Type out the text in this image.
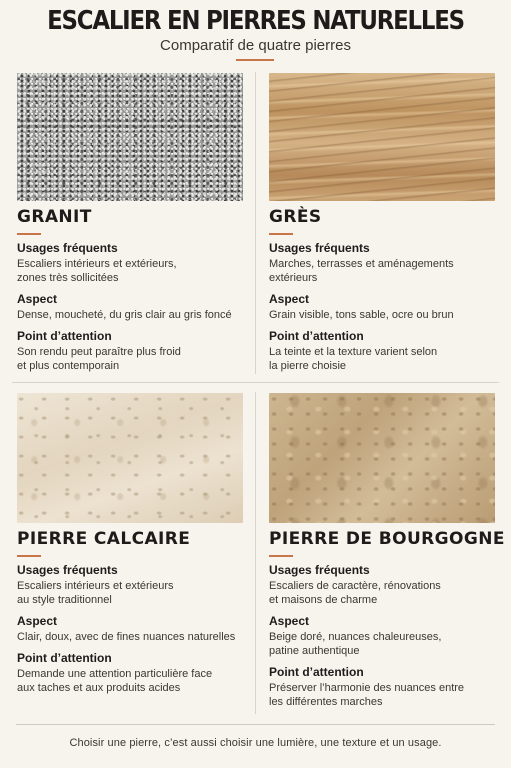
ESCALIER EN PIERRES NATURELLES
Comparatif de quatre pierres
GRANIT
Usages fréquents
Escaliers intérieurs et extérieurs,
zones très sollicitées
Aspect
Dense, moucheté, du gris clair au gris foncé
Point d’attention
Son rendu peut paraître plus froid
et plus contemporain
GRÈS
Usages fréquents
Marches, terrasses et aménagements
extérieurs
Aspect
Grain visible, tons sable, ocre ou brun
Point d’attention
La teinte et la texture varient selon
la pierre choisie
PIERRE CALCAIRE
Usages fréquents
Escaliers intérieurs et extérieurs
au style traditionnel
Aspect
Clair, doux, avec de fines nuances naturelles
Point d’attention
Demande une attention particulière face
aux taches et aux produits acides
PIERRE DE BOURGOGNE
Usages fréquents
Escaliers de caractère, rénovations
et maisons de charme
Aspect
Beige doré, nuances chaleureuses,
patine authentique
Point d’attention
Préserver l’harmonie des nuances entre
les différentes marches
Choisir une pierre, c’est aussi choisir une lumière, une texture et un usage.
